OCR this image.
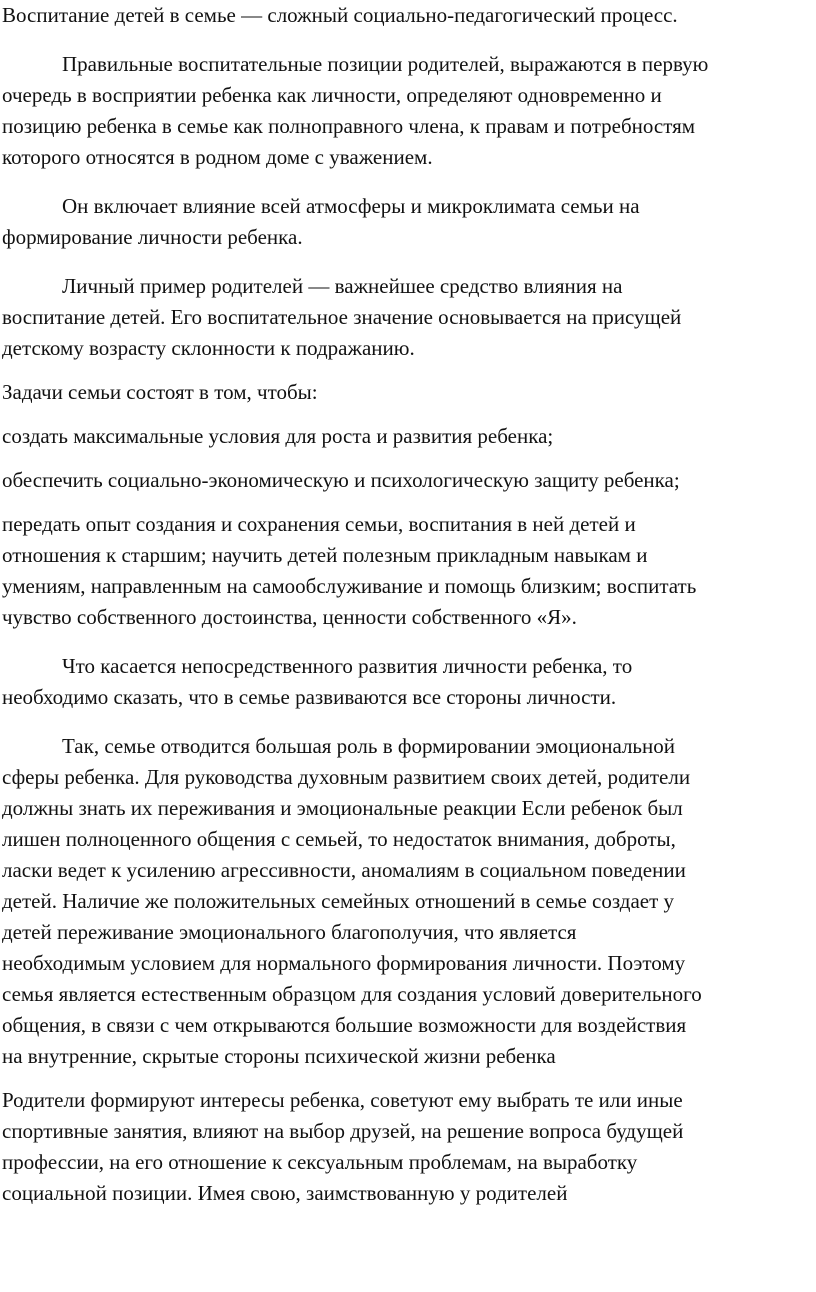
Воспитание детей в семье — сложный социально-педагогический процесс.

Правильные воспитательные позиции родителей, выражаются в первую
очередь в восприятии ребенка как личности, определяют одновременно и
позицию ребенка в семье как полноправного члена, к правам и потребностям
которого относятся в родном доме с уважением.

Он включает влияние всей атмосферы и микроклимата семьи на
формирование личности ребенка.

Личный пример родителей — важнейшее средство влияния на
воспитание детей. Его воспитательное значение основывается на присущей
детскому возрасту склонности к подражанию.

Задачи семьи состоят в том, чтобы:

создать максимальные условия для роста и развития ребенка;

обеспечить социально-экономическую и психологическую защиту ребенка;

передать опыт создания и сохранения семьи, воспитания в ней детей и
отношения к старшим; научить детей полезным прикладным навыкам и
умениям, направленным на самообслуживание и помощь близким; воспитать
чувство собственного достоинства, ценности собственного «Я».

Что касается непосредственного развития личности ребенка, то
необходимо сказать, что в семье развиваются все стороны личности.

Так, семье отводится большая роль в формировании эмоциональной
сферы ребенка. Для руководства духовным развитием своих детей, родители
должны знать их переживания и эмоциональные реакции Если ребенок был
лишен полноценного общения с семьей, то недостаток внимания, доброты,
ласки ведет к усилению агрессивности, аномалиям в социальном поведении
детей. Наличие же положительных семейных отношений в семье создает у
детей переживание эмоционального благополучия, что является
необходимым условием для нормального формирования личности. Поэтому
семья является естественным образцом для создания условий доверительного
общения, в связи с чем открываются большие возможности для воздействия
на внутренние, скрытые стороны психической жизни ребенка

Родители формируют интересы ребенка, советуют ему выбрать те или иные
спортивные занятия, влияют на выбор друзей, на решение вопроса будущей
профессии, на его отношение к сексуальным проблемам, на выработку
социальной позиции. Имея свою, заимствованную у родителей
